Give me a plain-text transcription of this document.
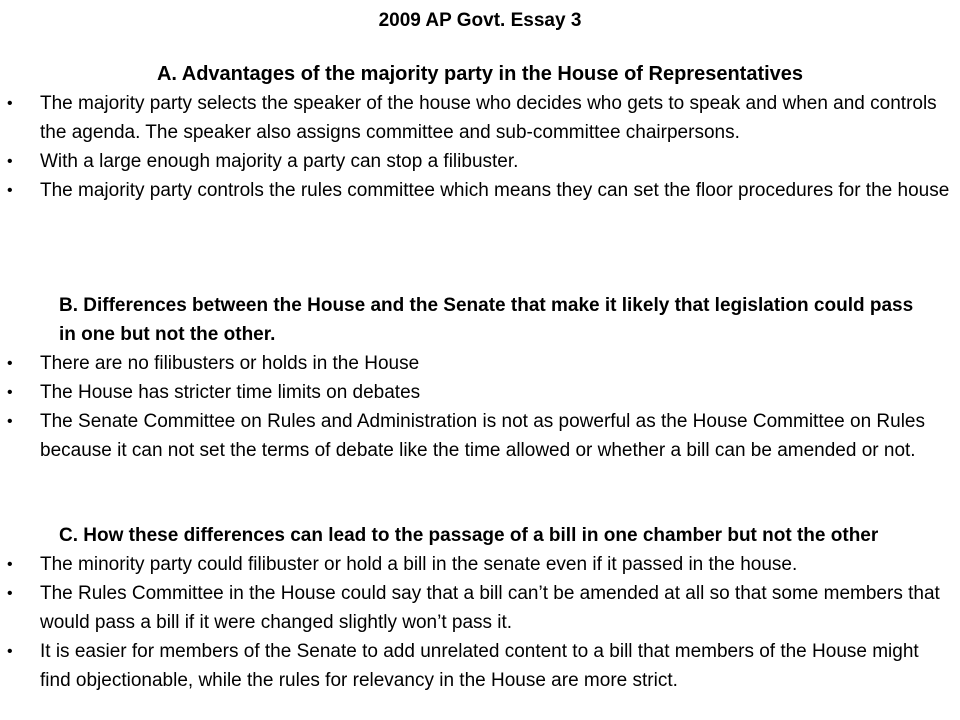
2009 AP Govt. Essay 3
A. Advantages of the majority party in the House of Representatives

• The majority party selects the speaker of the house who decides who gets to speak and when and controls the agenda. The speaker also assigns committee and sub-committee chairpersons.

• With a large enough majority a party can stop a filibuster.

• The majority party controls the rules committee which means they can set the floor procedures for the house

B. Differences between the House and the Senate that make it likely that legislation could pass in one but not the other.

• There are no filibusters or holds in the House

• The House has stricter time limits on debates

• The Senate Committee on Rules and Administration is not as powerful as the House Committee on Rules because it can not set the terms of debate like the time allowed or whether a bill can be amended or not.

C. How these differences can lead to the passage of a bill in one chamber but not the other

• The minority party could filibuster or hold a bill in the senate even if it passed in the house.

• The Rules Committee in the House could say that a bill can’t be amended at all so that some members that would pass a bill if it were changed slightly won’t pass it.

• It is easier for members of the Senate to add unrelated content to a bill that members of the House might find objectionable, while the rules for relevancy in the House are more strict.
